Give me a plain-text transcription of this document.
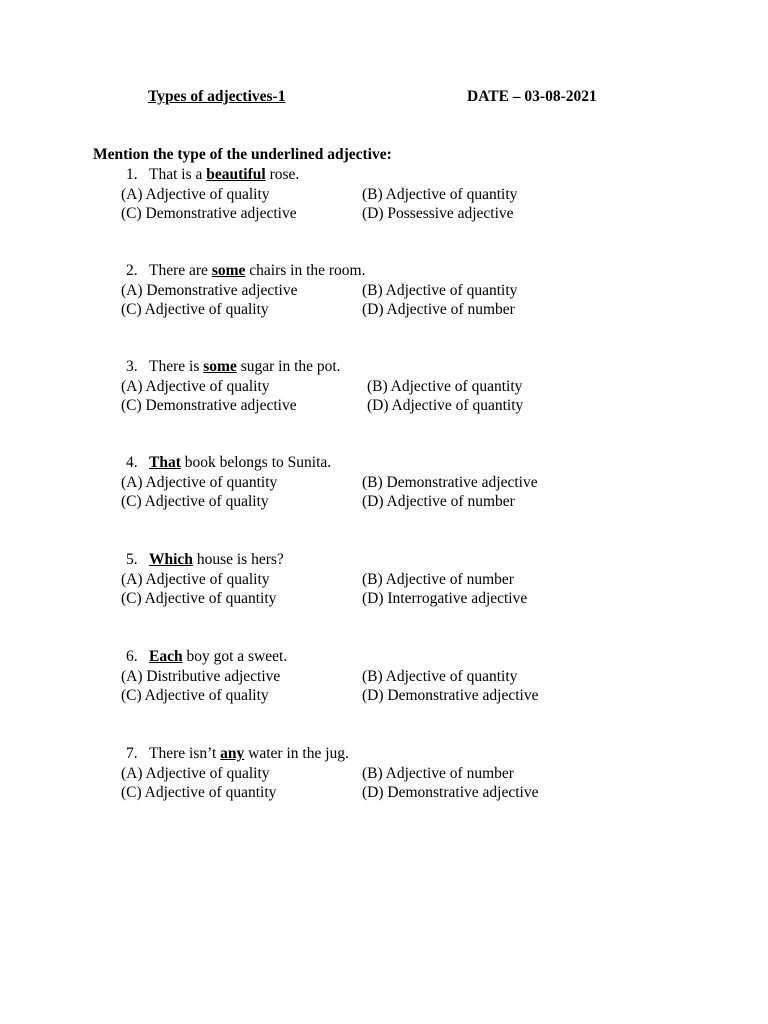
Types of adjectives-1	DATE – 03-08-2021
Mention the type of the underlined adjective:
1. That is a beautiful rose.
(A) Adjective of quality	(B) Adjective of quantity
(C) Demonstrative adjective	(D) Possessive adjective
2. There are some chairs in the room.
(A) Demonstrative adjective	(B) Adjective of quantity
(C) Adjective of quality	(D) Adjective of number
3. There is some sugar in the pot.
(A) Adjective of quality	(B) Adjective of quantity
(C) Demonstrative adjective	(D) Adjective of quantity
4. That book belongs to Sunita.
(A) Adjective of quantity	(B) Demonstrative adjective
(C) Adjective of quality	(D) Adjective of number
5. Which house is hers?
(A) Adjective of quality	(B) Adjective of number
(C) Adjective of quantity	(D) Interrogative adjective
6. Each boy got a sweet.
(A) Distributive adjective	(B) Adjective of quantity
(C) Adjective of quality	(D) Demonstrative adjective
7. There isn’t any water in the jug.
(A) Adjective of quality	(B) Adjective of number
(C) Adjective of quantity	(D) Demonstrative adjective
